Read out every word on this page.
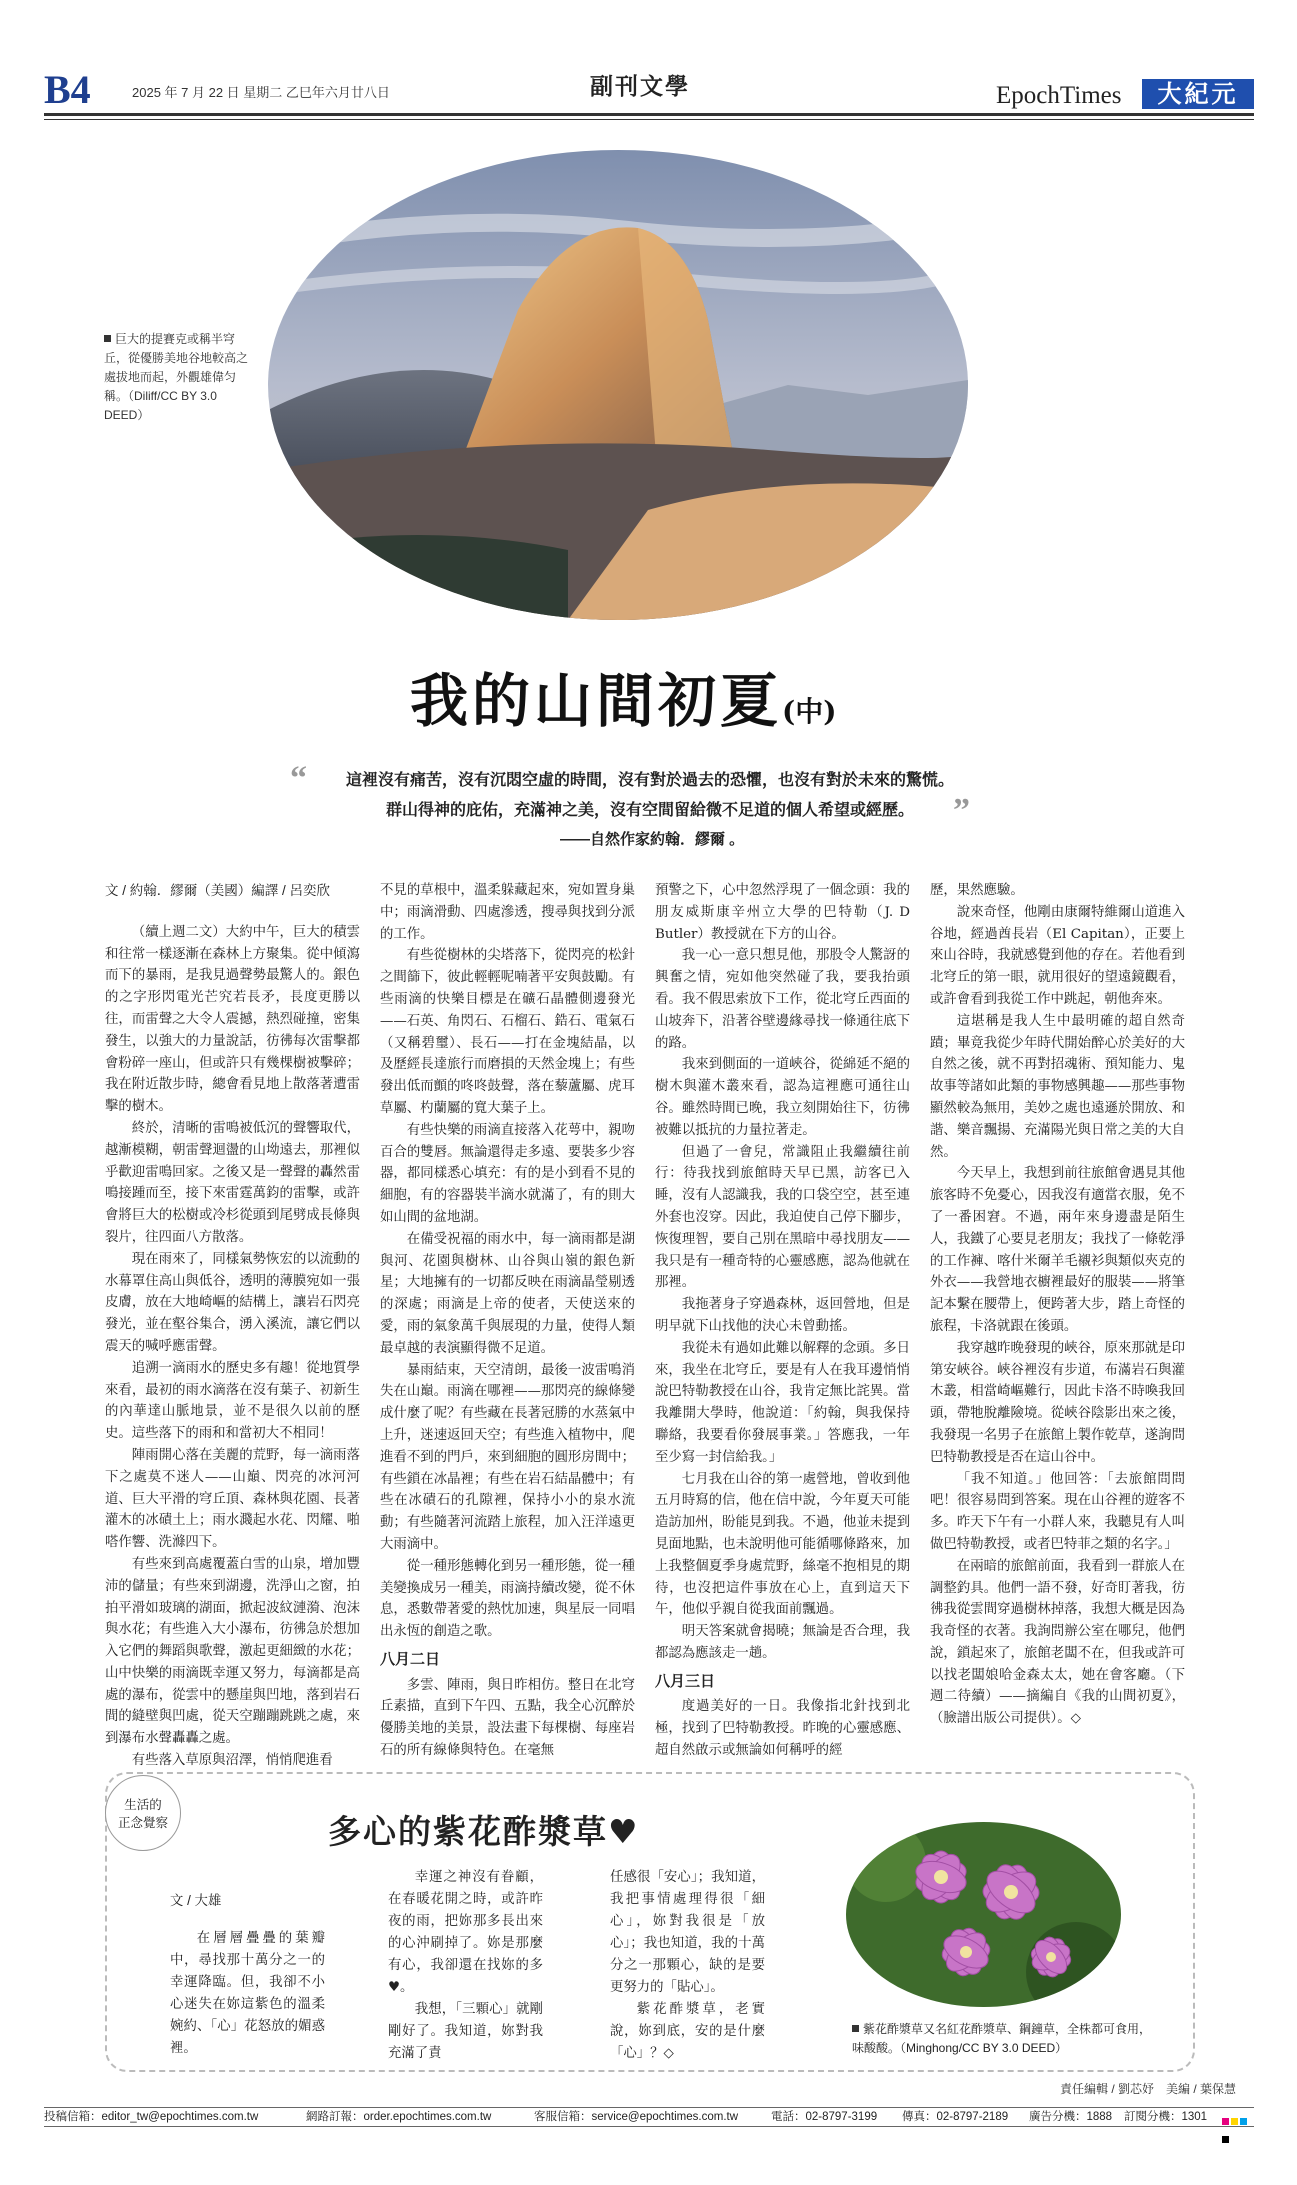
B4	2025 年 7 月 22 日 星期二 乙巳年六月廿八日	副刊文學	EpochTimes	大紀元
巨大的提賽克或稱半穹丘，從優勝美地谷地較高之處拔地而起，外觀雄偉匀稱。（Diliff/CC BY 3.0 DEED）
我的山間初夏(中)
“	這裡沒有痛苦，沒有沉悶空虛的時間，沒有對於過去的恐懼，也沒有對於未來的驚慌。
群山得神的庇佑，充滿神之美，沒有空間留給微不足道的個人希望或經歷。	”
——自然作家約翰．繆爾 。

文 / 約翰．繆爾（美國）編譯 / 呂奕欣

（續上週二文）大約中午，巨大的積雲和往常一樣逐漸在森林上方聚集。從中傾瀉而下的暴雨，是我見過聲勢最驚人的。銀色的之字形閃電光芒究若長矛，長度更勝以往，而雷聲之大令人震撼，熱烈碰撞，密集發生，以強大的力量說話，彷彿每次雷擊都會粉碎一座山，但或許只有幾棵樹被擊碎；我在附近散步時，總會看見地上散落著遭雷擊的樹木。

終於，清晰的雷鳴被低沉的聲響取代，越漸模糊，朝雷聲迴盪的山坳遠去，那裡似乎歡迎雷鳴回家。之後又是一聲聲的轟然雷鳴接踵而至，接下來雷霆萬鈞的雷擊，或許會將巨大的松樹或冷杉從頭到尾劈成長條與裂片，往四面八方散落。

現在雨來了，同樣氣勢恢宏的以流動的水幕罩住高山與低谷，透明的薄膜宛如一張皮膚，放在大地崎嶇的結構上，讓岩石閃亮發光，並在壑谷集合，湧入溪流，讓它們以震天的喊呼應雷聲。

追溯一滴雨水的歷史多有趣！從地質學來看，最初的雨水滴落在沒有葉子、初新生的內華達山脈地景，並不是很久以前的歷史。這些落下的雨和和當初大不相同！

陣雨開心落在美麗的荒野，每一滴雨落下之處莫不迷人——山巔、閃亮的冰河河道、巨大平滑的穹丘頂、森林與花園、長著灌木的冰磧土上；雨水濺起水花、閃耀、啪嗒作響、洗滌四下。

有些來到高處覆蓋白雪的山泉，增加豐沛的儲量；有些來到湖邊，洗淨山之窗，拍拍平滑如玻璃的湖面，掀起波紋漣漪、泡沫與水花；有些進入大小瀑布，彷彿急於想加入它們的舞蹈與歌聲，激起更細緻的水花；山中快樂的雨滴既幸運又努力，每滴都是高處的瀑布，從雲中的懸崖與凹地，落到岩石間的縫壁與凹處，從天空蹦蹦跳跳之處，來到瀑布水聲轟轟之處。

有些落入草原與沼澤，悄悄爬進看

不見的草根中，溫柔躲藏起來，宛如置身巢中；雨滴滑動、四處滲透，搜尋與找到分派的工作。

有些從樹林的尖塔落下，從閃亮的松針之間篩下，彼此輕輕呢喃著平安與鼓勵。有些雨滴的快樂目標是在礦石晶體側邊發光——石英、角閃石、石榴石、鋯石、電氣石（又稱碧璽）、長石——打在金塊結晶，以及歷經長達旅行而磨損的天然金塊上；有些發出低而顫的咚咚鼓聲，落在藜蘆屬、虎耳草屬、杓蘭屬的寬大葉子上。

有些快樂的雨滴直接落入花萼中，親吻百合的雙唇。無論還得走多遠、要裝多少容器，都同樣悉心填充：有的是小到看不見的細胞，有的容器裝半滴水就滿了，有的則大如山間的盆地湖。

在備受祝福的雨水中，每一滴雨都是湖與河、花園與樹林、山谷與山嶺的銀色新星；大地擁有的一切都反映在雨滴晶瑩剔透的深處；雨滴是上帝的使者，天使送來的愛，雨的氣象萬千與展現的力量，使得人類最卓越的表演顯得微不足道。

暴雨結束，天空清朗，最後一波雷鳴消失在山巔。雨滴在哪裡——那閃亮的線條變成什麼了呢？有些藏在長著冠勝的水蒸氣中上升，迷速返回天空；有些進入植物中，爬進看不到的門戶，來到細胞的圓形房間中；有些鎖在冰晶裡；有些在岩石結晶體中；有些在冰磧石的孔隙裡，保持小小的泉水流動；有些隨著河流踏上旅程，加入汪洋遠更大雨滴中。

從一種形態轉化到另一種形態，從一種美變換成另一種美，雨滴持續改變，從不休息，悉數帶著愛的熱忱加速，與星辰一同唱出永恆的創造之歌。

八月二日

多雲、陣雨，與日昨相仿。整日在北穹丘素描，直到下午四、五點，我全心沉醉於優勝美地的美景，設法畫下每棵樹、每座岩石的所有線條與特色。在毫無

預警之下，心中忽然浮現了一個念頭：我的朋友威斯康辛州立大學的巴特勒（J. D Butler）教授就在下方的山谷。

我一心一意只想見他，那股令人驚訝的興奮之情，宛如他突然碰了我，要我抬頭看。我不假思索放下工作，從北穹丘西面的山坡奔下，沿著谷壁邊緣尋找一條通往底下的路。

我來到側面的一道峽谷，從綿延不絕的樹木與灌木叢來看，認為這裡應可通往山谷。雖然時間已晚，我立刻開始往下，彷彿被難以抵抗的力量拉著走。

但過了一會兒，常識阻止我繼續往前行：待我找到旅館時天早已黑，訪客已入睡，沒有人認識我，我的口袋空空，甚至連外套也沒穿。因此，我迫使自己停下腳步，恢復理智，要自己別在黑暗中尋找朋友——我只是有一種奇特的心靈感應，認為他就在那裡。

我拖著身子穿過森林，返回營地，但是明早就下山找他的決心未曾動搖。

我從未有過如此難以解釋的念頭。多日來，我坐在北穹丘，要是有人在我耳邊悄悄說巴特勒教授在山谷，我肯定無比詫異。當我離開大學時，他說道：「約翰，與我保持聯絡，我要看你發展事業。」答應我，一年至少寫一封信給我。」

七月我在山谷的第一處營地，曾收到他五月時寫的信，他在信中說，今年夏天可能造訪加州，盼能見到我。不過，他並未提到見面地點，也未說明他可能循哪條路來，加上我整個夏季身處荒野，絲毫不抱相見的期待，也沒把這件事放在心上，直到這天下午，他似乎親自從我面前飄過。

明天答案就會揭曉；無論是否合理，我都認為應該走一趟。

八月三日

度過美好的一日。我像指北針找到北極，找到了巴特勒教授。昨晚的心靈感應、超自然啟示或無論如何稱呼的經

歷，果然應驗。

說來奇怪，他剛由康爾特維爾山道進入谷地，經過酋長岩（El Capitan），正要上來山谷時，我就感覺到他的存在。若他看到北穹丘的第一眼，就用很好的望遠鏡觀看，或許會看到我從工作中跳起，朝他奔來。

這堪稱是我人生中最明確的超自然奇蹟；畢竟我從少年時代開始醉心於美好的大自然之後，就不再對招魂術、預知能力、鬼故事等諸如此類的事物感興趣——那些事物顯然較為無用，美妙之處也遠遜於開放、和諧、樂音飄揚、充滿陽光與日常之美的大自然。

今天早上，我想到前往旅館會遇見其他旅客時不免憂心，因我沒有適當衣服，免不了一番困窘。不過，兩年來身邊盡是陌生人，我鐵了心要見老朋友；我找了一條乾淨的工作褲、喀什米爾羊毛襯衫與類似夾克的外衣——我營地衣櫥裡最好的服裝——將筆記本繫在腰帶上，便跨著大步，踏上奇怪的旅程，卡洛就跟在後頭。

我穿越昨晚發現的峽谷，原來那就是印第安峽谷。峽谷裡沒有步道，布滿岩石與灌木叢，相當崎嶇難行，因此卡洛不時喚我回頭，帶牠脫離險境。從峽谷陰影出來之後，我發現一名男子在旅館上製作乾草，遂詢問巴特勒教授是否在這山谷中。

「我不知道。」他回答：「去旅館問問吧！很容易問到答案。現在山谷裡的遊客不多。昨天下午有一小群人來，我聽見有人叫做巴特勒教授，或者巴特菲之類的名字。」

在兩暗的旅館前面，我看到一群旅人在調整釣具。他們一語不發，好奇盯著我，彷彿我從雲間穿過樹林掉落，我想大概是因為我奇怪的衣著。我詢問辦公室在哪兒，他們說，鎖起來了，旅館老闆不在，但我或許可以找老闆娘哈金森太太，她在會客廳。（下週二待續）——摘編自《我的山間初夏》，（臉譜出版公司提供）。◇

生活的
正念覺察	多心的紫花酢漿草♥

文 / 大雄

在層層疊疊的葉瓣中，尋找那十萬分之一的幸運降臨。但，我卻不小心迷失在妳這紫色的溫柔婉約、「心」花怒放的媚惑裡。

幸運之神沒有眷顧，在春暖花開之時，或許昨夜的雨，把妳那多長出來的心沖刷掉了。妳是那麼有心，我卻還在找妳的多♥。

我想，「三顆心」就剛剛好了。我知道，妳對我充滿了責

任感很「安心」；我知道，我把事情處理得很「細心」，妳對我很是「放心」；我也知道，我的十萬分之一那顆心，缺的是要更努力的「貼心」。

紫花酢漿草，老實說，妳到底，安的是什麼「心」？◇

紫花酢漿草又名紅花酢漿草、鋼鐘草，全株都可食用，味酸酸。（Minghong/CC BY 3.0 DEED）
責任編輯 / 劉芯妤　美編 / 葉保慧
投稿信箱：editor_tw@epochtimes.com.tw	網路訂報：order.epochtimes.com.tw	客服信箱：service@epochtimes.com.tw	電話：02-8797-3199 傳真：02-8797-2189 廣告分機：1888 訂閱分機：1301
